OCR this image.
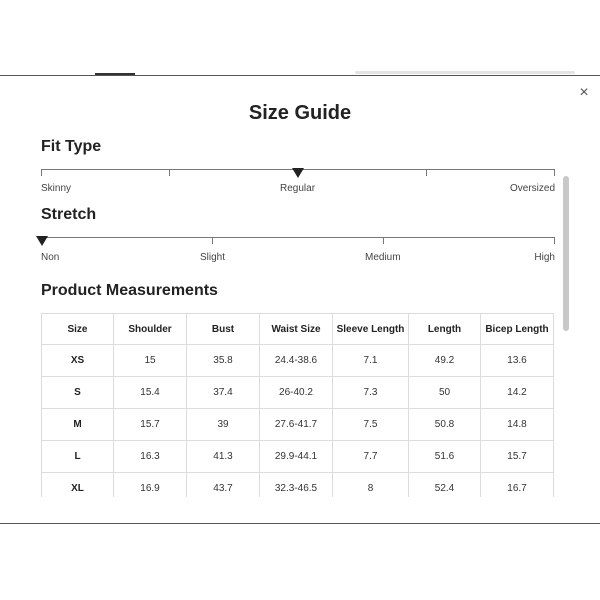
×
Size Guide
Fit Type
Skinny	Regular	Oversized
Stretch
Non	Slight	Medium	High
Product Measurements
Size	Shoulder	Bust	Waist Size	Sleeve Length	Length	Bicep Length
XS	15	35.8	24.4-38.6	7.1	49.2	13.6
S	15.4	37.4	26-40.2	7.3	50	14.2
M	15.7	39	27.6-41.7	7.5	50.8	14.8
L	16.3	41.3	29.9-44.1	7.7	51.6	15.7
XL	16.9	43.7	32.3-46.5	8	52.4	16.7
